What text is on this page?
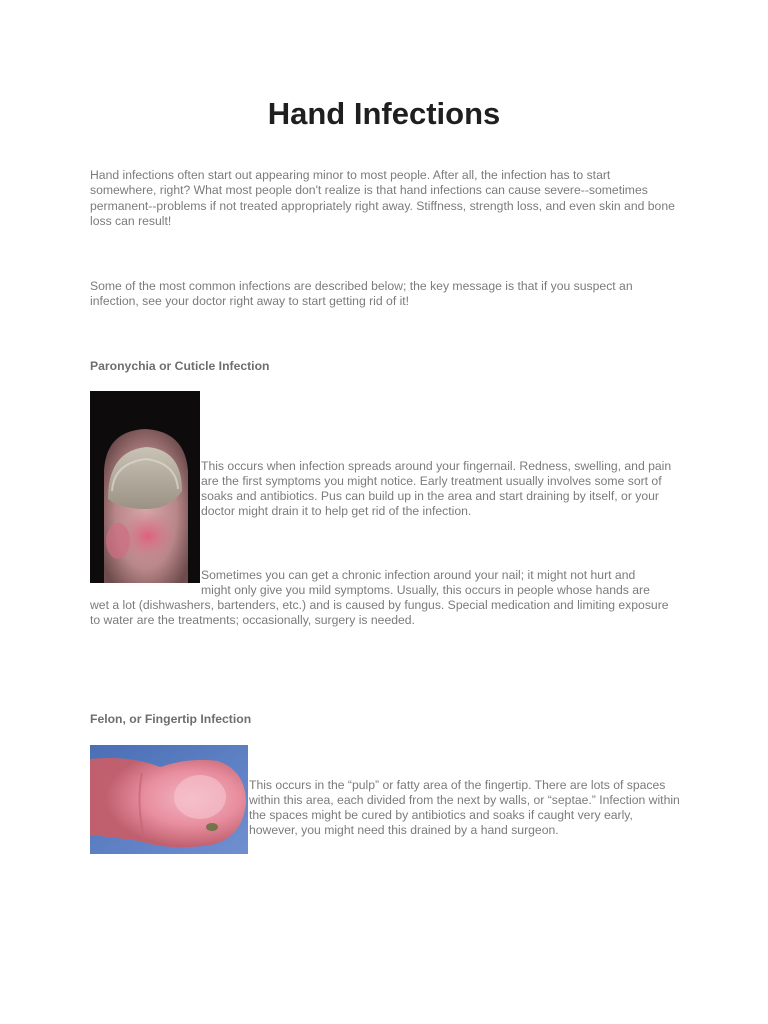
Hand Infections

Hand infections often start out appearing minor to most people. After all, the infection has to start somewhere, right? What most people don't realize is that hand infections can cause severe--sometimes permanent--problems if not treated appropriately right away. Stiffness, strength loss, and even skin and bone loss can result!

Some of the most common infections are described below; the key message is that if you suspect an infection, see your doctor right away to start getting rid of it!

Paronychia or Cuticle Infection

This occurs when infection spreads around your fingernail. Redness, swelling, and pain are the first symptoms you might notice. Early treatment usually involves some sort of soaks and antibiotics. Pus can build up in the area and start draining by itself, or your doctor might drain it to help get rid of the infection.

Sometimes you can get a chronic infection around your nail; it might not hurt and

might only give you mild symptoms. Usually, this occurs in people whose hands are

wet a lot (dishwashers, bartenders, etc.) and is caused by fungus. Special medication and limiting exposure to water are the treatments; occasionally, surgery is needed.

Felon, or Fingertip Infection

This occurs in the “pulp” or fatty area of the fingertip. There are lots of spaces within this area, each divided from the next by walls, or “septae.” Infection within the spaces might be cured by antibiotics and soaks if caught very early, however, you might need this drained by a hand surgeon.
